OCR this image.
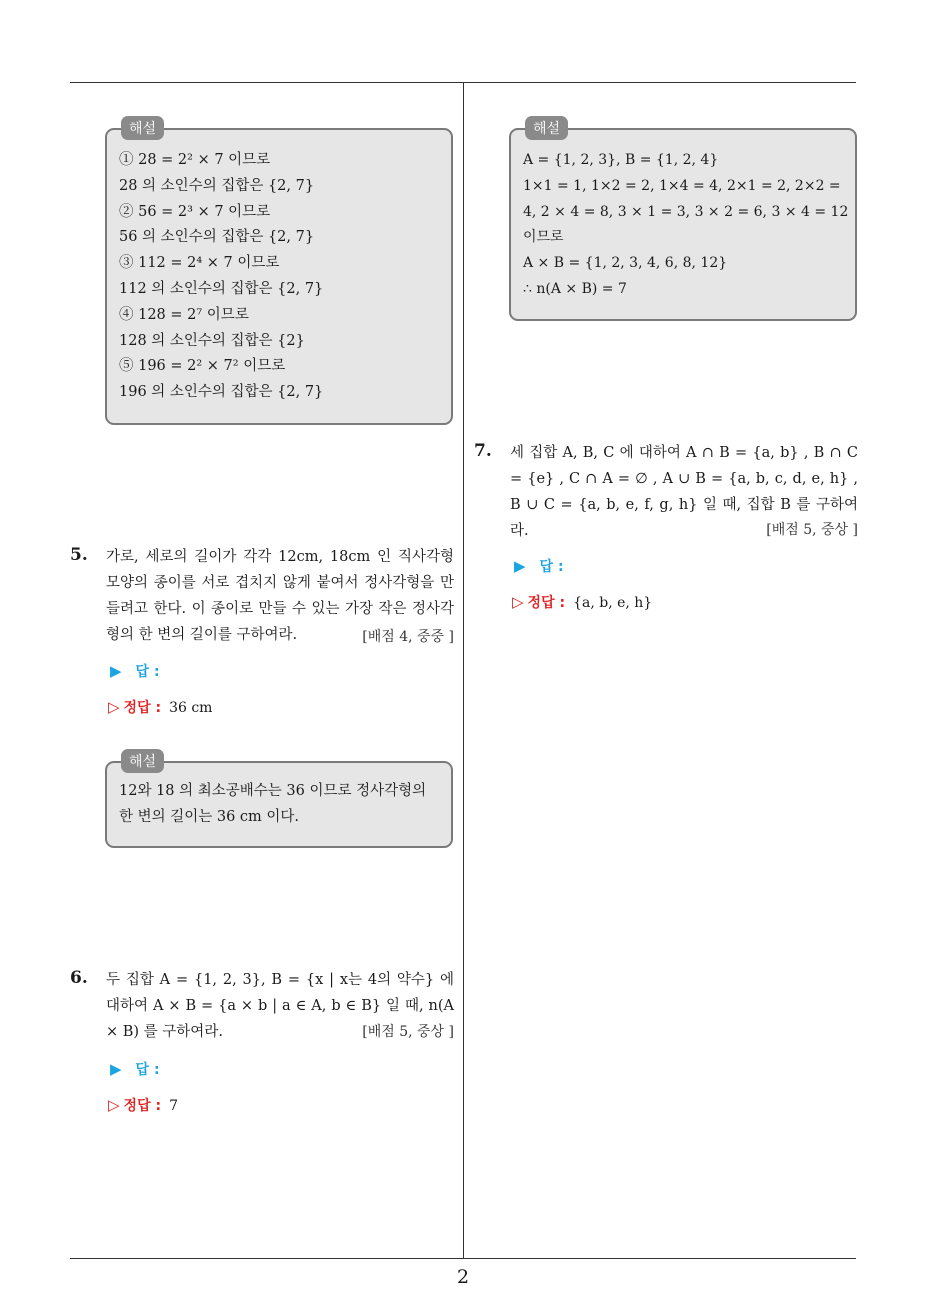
해설
① 28 = 2² × 7 이므로
28 의 소인수의 집합은 {2, 7}
② 56 = 2³ × 7 이므로
56 의 소인수의 집합은 {2, 7}
③ 112 = 2⁴ × 7 이므로
112 의 소인수의 집합은 {2, 7}
④ 128 = 2⁷ 이므로
128 의 소인수의 집합은 {2}
⑤ 196 = 2² × 7² 이므로
196 의 소인수의 집합은 {2, 7}
5. 가로, 세로의 길이가 각각 12cm, 18cm 인 직사각형 모양의 종이를 서로 겹치지 않게 붙여서 정사각형을 만들려고 한다. 이 종이로 만들 수 있는 가장 작은 정사각형의 한 변의 길이를 구하여라.	[배점 4, 중중 ]
▶ 답 :
▷ 정답 : 36 cm
해설
12와 18 의 최소공배수는 36 이므로 정사각형의
한 변의 길이는 36 cm 이다.
6. 두 집합 A = {1, 2, 3}, B = {x | x는 4의 약수} 에 대하여 A × B = {a × b | a ∈ A, b ∈ B} 일 때, n(A × B) 를 구하여라.	[배점 5, 중상 ]
▶ 답 :
▷ 정답 : 7
해설
A = {1, 2, 3}, B = {1, 2, 4}
1×1 = 1, 1×2 = 2, 1×4 = 4, 2×1 = 2, 2×2 =
4, 2 × 4 = 8, 3 × 1 = 3, 3 × 2 = 6, 3 × 4 = 12
이므로
A × B = {1, 2, 3, 4, 6, 8, 12}
∴ n(A × B) = 7
7. 세 집합 A, B, C 에 대하여 A ∩ B = {a, b} , B ∩ C = {e} , C ∩ A = ∅ , A ∪ B = {a, b, c, d, e, h} , B ∪ C = {a, b, e, f, g, h} 일 때, 집합 B 를 구하여라.	[배점 5, 중상 ]
▶ 답 :
▷ 정답 : {a, b, e, h}
2
